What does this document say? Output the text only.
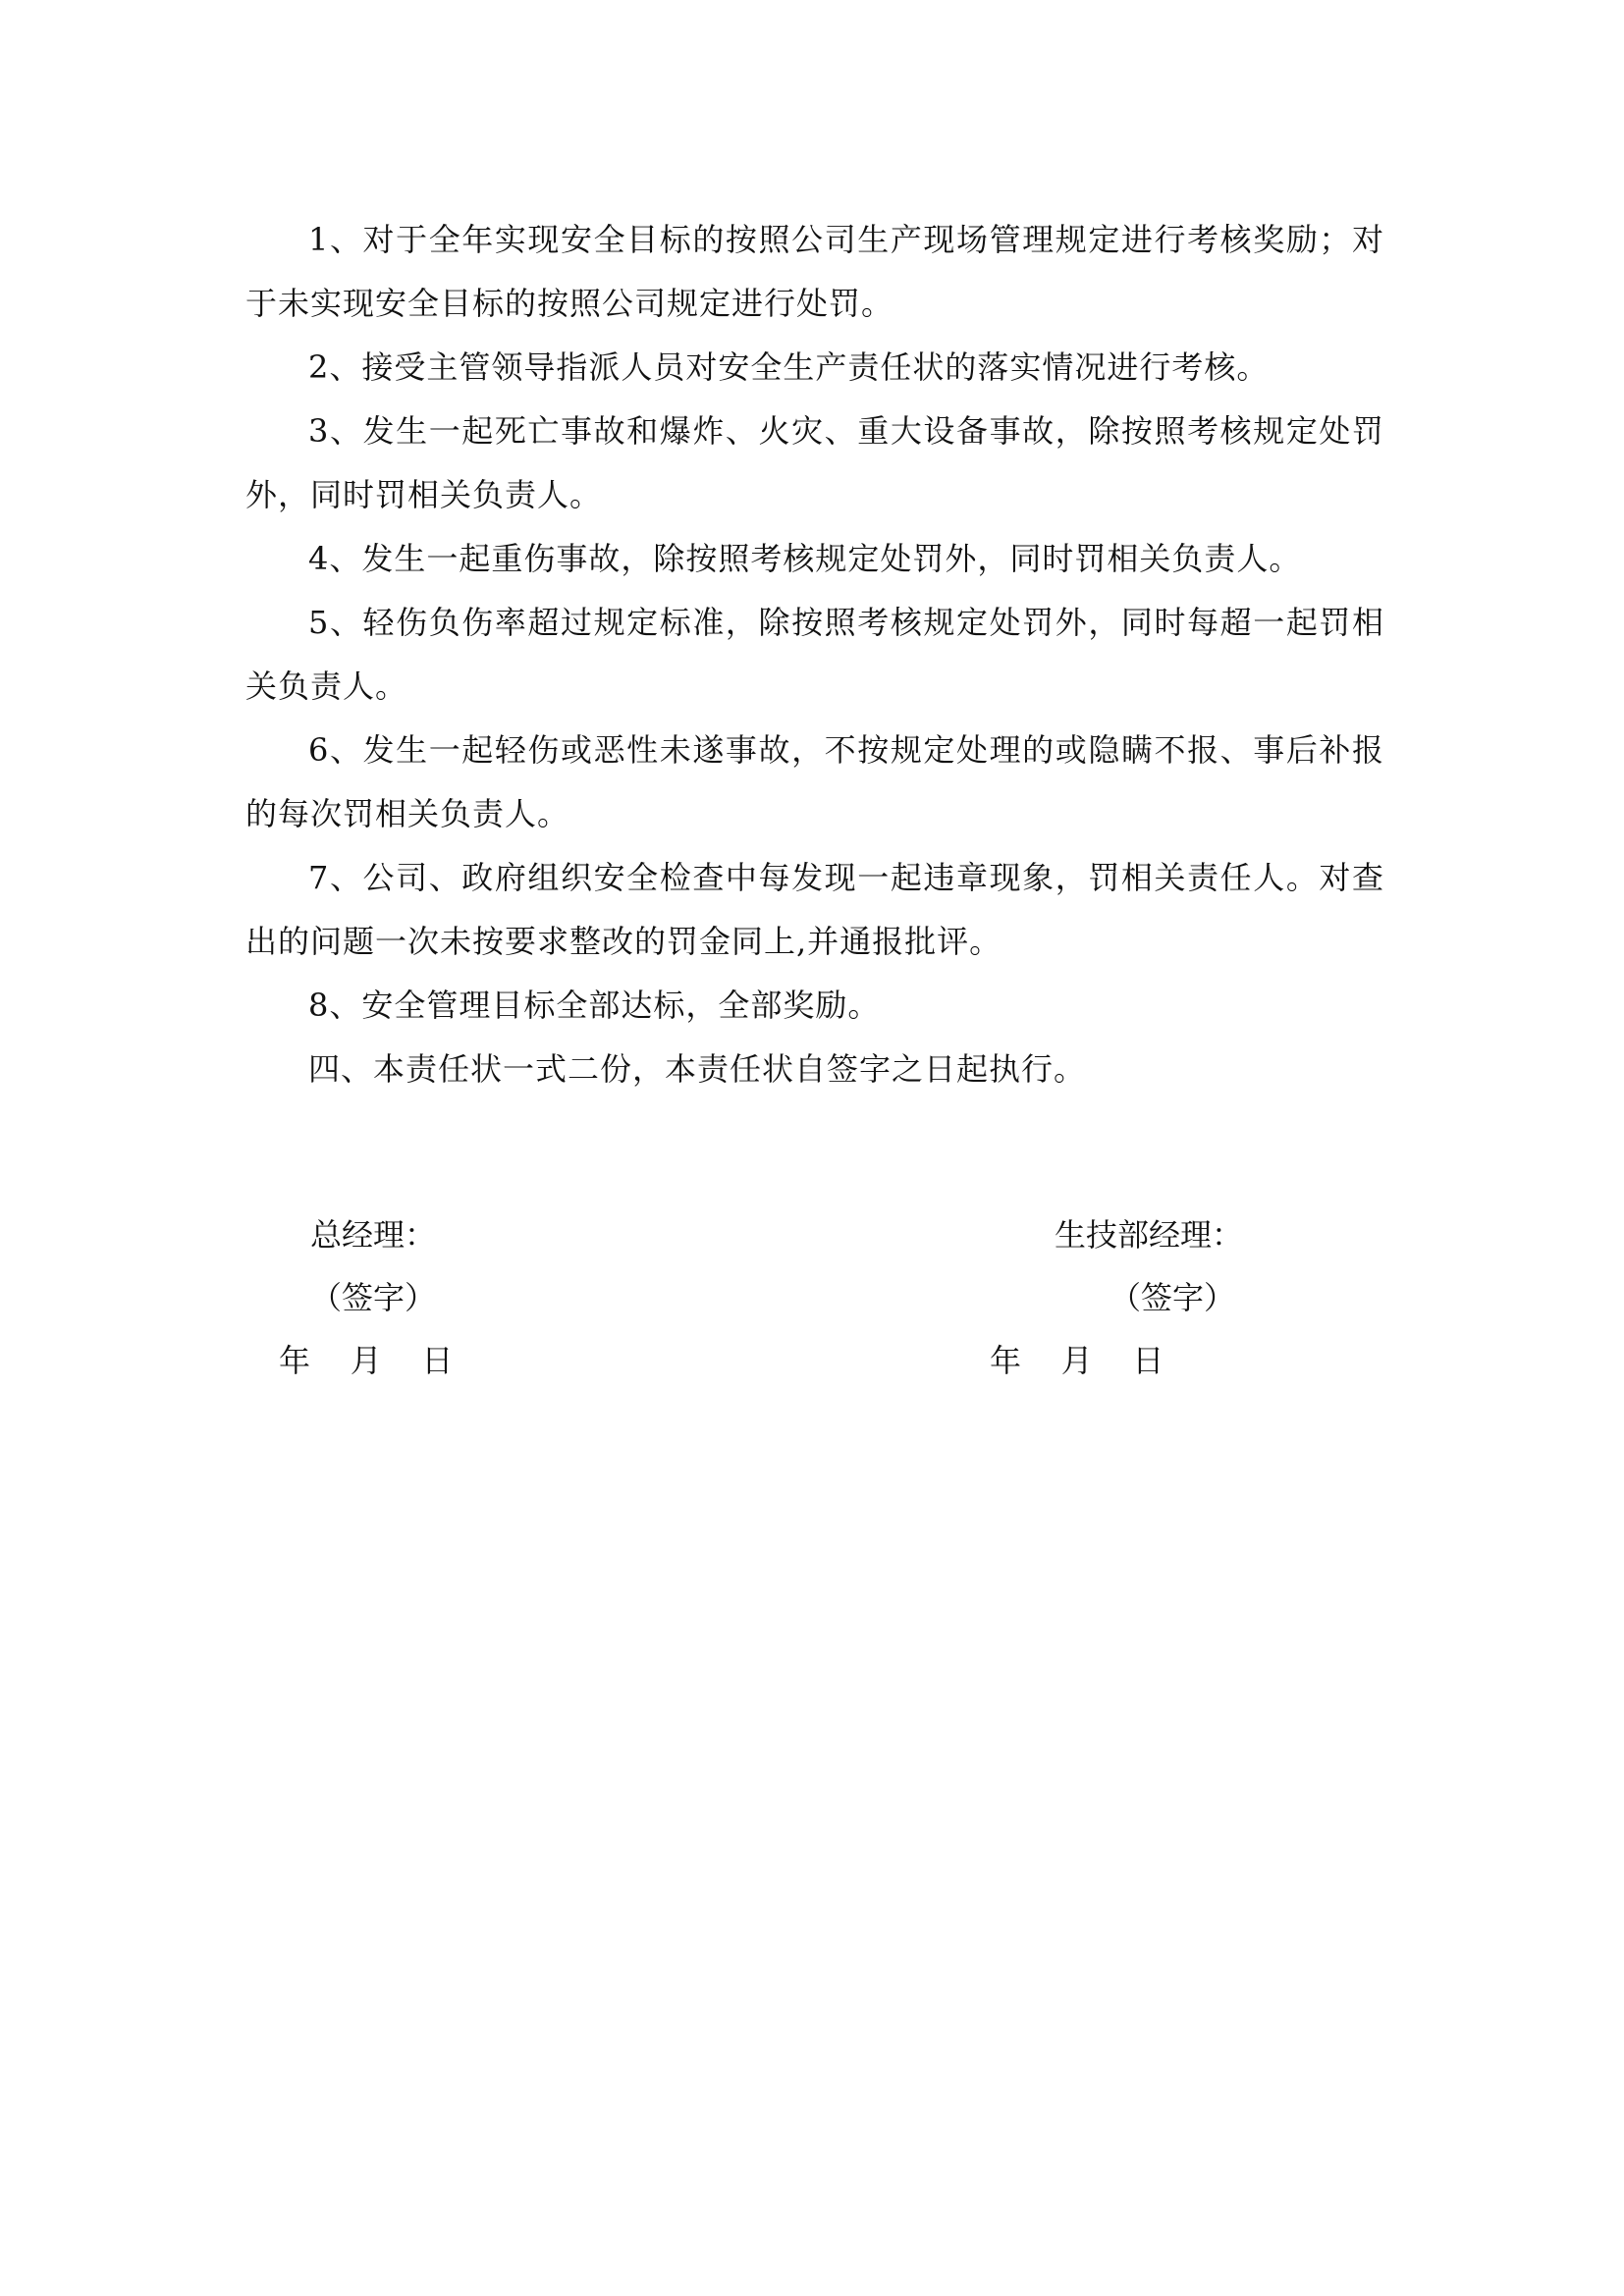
1、对于全年实现安全目标的按照公司生产现场管理规定进行考核奖励；对于未实现安全目标的按照公司规定进行处罚。

2、接受主管领导指派人员对安全生产责任状的落实情况进行考核。

3、发生一起死亡事故和爆炸、火灾、重大设备事故，除按照考核规定处罚外，同时罚相关负责人。

4、发生一起重伤事故，除按照考核规定处罚外，同时罚相关负责人。

5、轻伤负伤率超过规定标准，除按照考核规定处罚外，同时每超一起罚相关负责人。

6、发生一起轻伤或恶性未遂事故，不按规定处理的或隐瞒不报、事后补报的每次罚相关负责人。

7、公司、政府组织安全检查中每发现一起违章现象，罚相关责任人。对查出的问题一次未按要求整改的罚金同上,并通报批评。

8、安全管理目标全部达标，全部奖励。

四、本责任状一式二份，本责任状自签字之日起执行。

总经理：
（签字）
年    月    日
生技部经理：
（签字）
年    月    日
